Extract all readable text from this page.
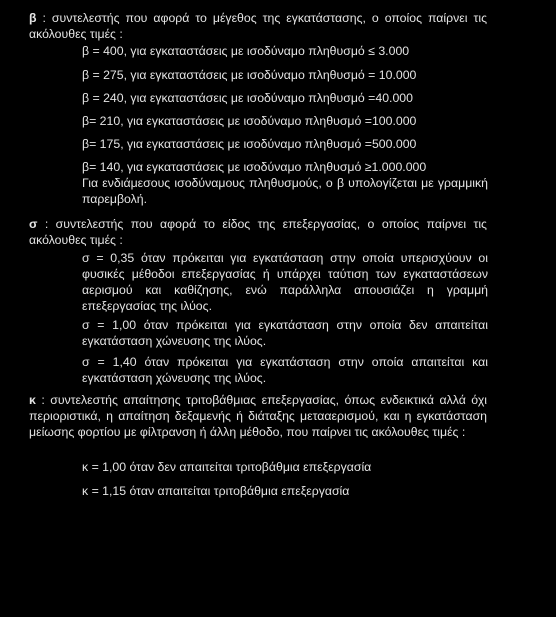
β : συντελεστής που αφορά το μέγεθος της εγκατάστασης, ο οποίος παίρνει τις ακόλουθες τιμές :
β = 400, για εγκαταστάσεις με ισοδύναμο πληθυσμό ≤ 3.000
β = 275, για εγκαταστάσεις με ισοδύναμο πληθυσμό = 10.000
β = 240, για εγκαταστάσεις με ισοδύναμο πληθυσμό =40.000
β= 210, για εγκαταστάσεις με ισοδύναμο πληθυσμό =100.000
β= 175, για εγκαταστάσεις με ισοδύναμο πληθυσμό =500.000
β= 140, για εγκαταστάσεις με ισοδύναμο πληθυσμό ≥1.000.000
Για ενδιάμεσους ισοδύναμους πληθυσμούς, ο β υπολογίζεται με γραμμική παρεμβολή.
σ : συντελεστής που αφορά το είδος της επεξεργασίας, ο οποίος παίρνει τις ακόλουθες τιμές :
σ = 0,35 όταν πρόκειται για εγκατάσταση στην οποία υπερισχύουν οι φυσικές μέθοδοι επεξεργασίας ή υπάρχει ταύτιση των εγκαταστάσεων αερισμού και καθίζησης, ενώ παράλληλα απουσιάζει η γραμμή επεξεργασίας της ιλύος.
σ = 1,00 όταν πρόκειται για εγκατάσταση στην οποία δεν απαιτείται εγκατάσταση χώνευσης της ιλύος.
σ = 1,40 όταν πρόκειται για εγκατάσταση στην οποία απαιτείται και εγκατάσταση χώνευσης της ιλύος.
κ : συντελεστής απαίτησης τριτοβάθμιας επεξεργασίας, όπως ενδεικτικά αλλά όχι περιοριστικά, η απαίτηση δεξαμενής ή διάταξης μετααερισμού, και η εγκατάσταση μείωσης φορτίου με φίλτρανση ή άλλη μέθοδο, που παίρνει τις ακόλουθες τιμές :
κ = 1,00 όταν δεν απαιτείται τριτοβάθμια επεξεργασία
κ = 1,15 όταν απαιτείται τριτοβάθμια επεξεργασία
